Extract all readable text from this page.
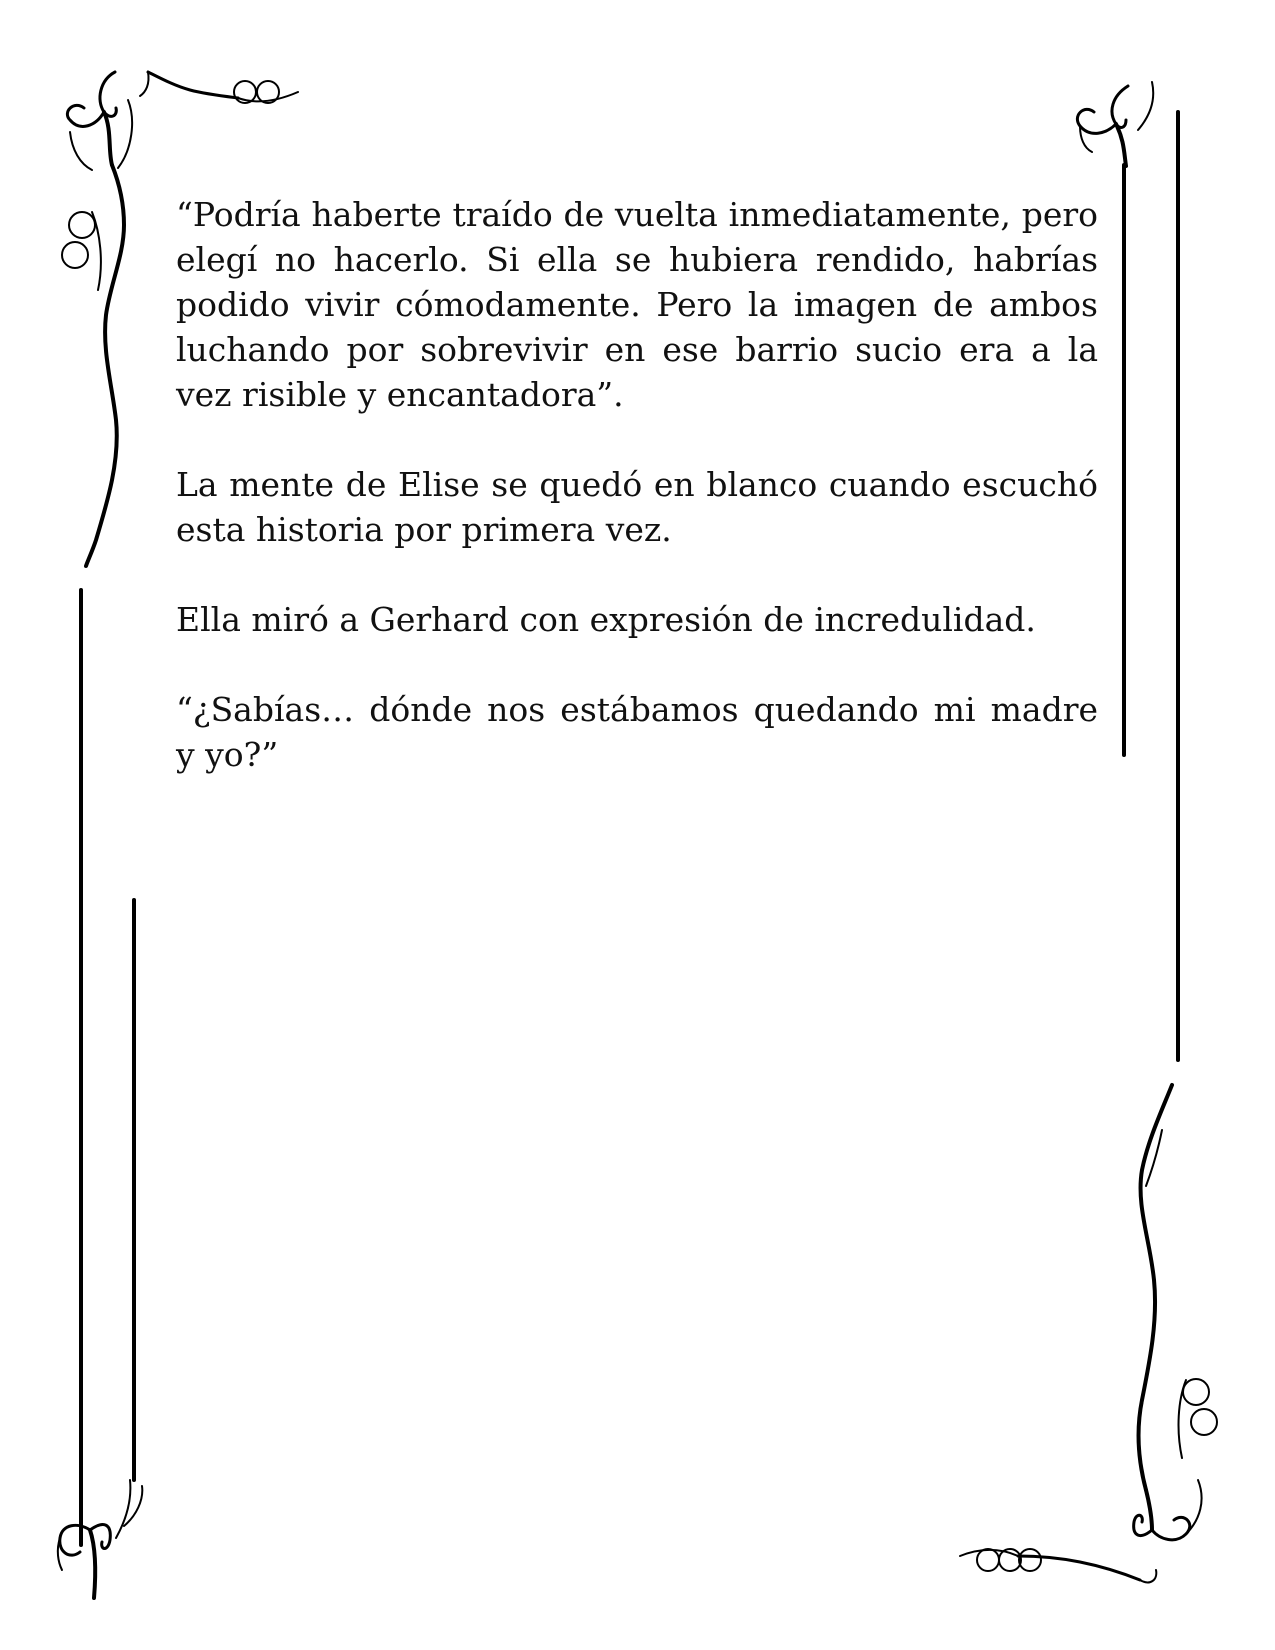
“Podría haberte traído de vuelta inmediatamente, pero elegí no hacerlo. Si ella se hubiera rendido, habrías podido vivir cómodamente. Pero la imagen de ambos luchando por sobrevivir en ese barrio sucio era a la vez risible y encantadora”.

La mente de Elise se quedó en blanco cuando escuchó esta historia por primera vez.

Ella miró a Gerhard con expresión de incredulidad.

“¿Sabías… dónde nos estábamos quedando mi madre y yo?”
